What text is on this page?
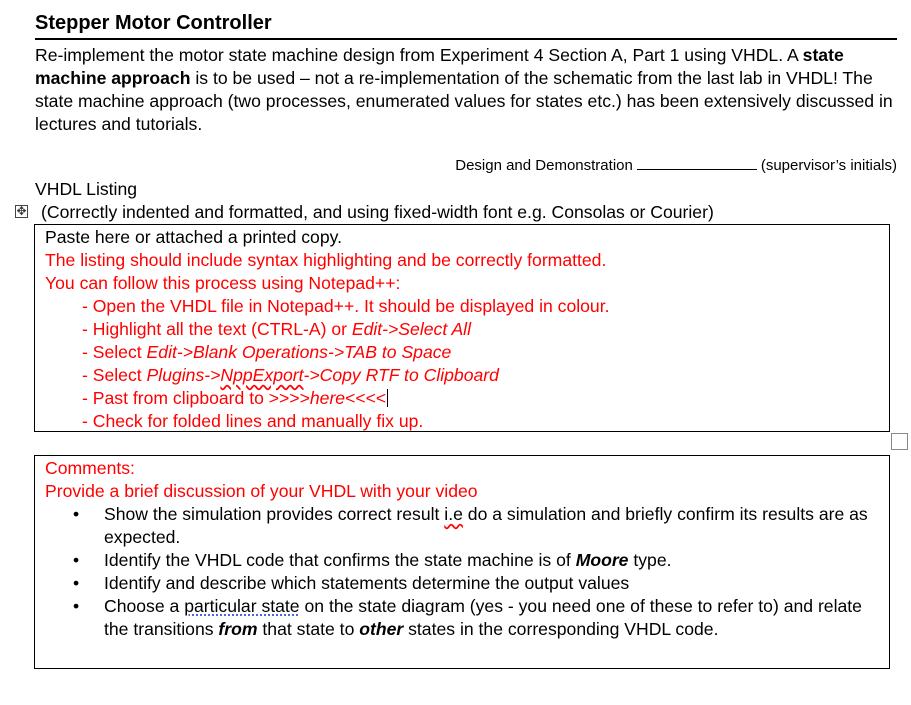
Stepper Motor Controller

Re-implement the motor state machine design from Experiment 4 Section A, Part 1 using VHDL. A state machine approach is to be used – not a re-implementation of the schematic from the last lab in VHDL! The state machine approach (two processes, enumerated values for states etc.) has been extensively discussed in lectures and tutorials.

Design and Demonstration	(supervisor’s initials)
VHDL Listing
✥ (Correctly indented and formatted, and using fixed-width font e.g. Consolas or Courier)
Paste here or attached a printed copy.
The listing should include syntax highlighting and be correctly formatted.
You can follow this process using Notepad++:
- Open the VHDL file in Notepad++. It should be displayed in colour.
- Highlight all the text (CTRL-A) or Edit->Select All
- Select Edit->Blank Operations->TAB to Space
- Select Plugins->NppExport->Copy RTF to Clipboard
- Past from clipboard to >>>>here<<<<
- Check for folded lines and manually fix up.
Comments:
Provide a brief discussion of your VHDL with your video
• Show the simulation provides correct result i.e do a simulation and briefly confirm its results are as expected.
• Identify the VHDL code that confirms the state machine is of Moore type.
• Identify and describe which statements determine the output values
• Choose a particular state on the state diagram (yes - you need one of these to refer to) and relate the transitions from that state to other states in the corresponding VHDL code.
